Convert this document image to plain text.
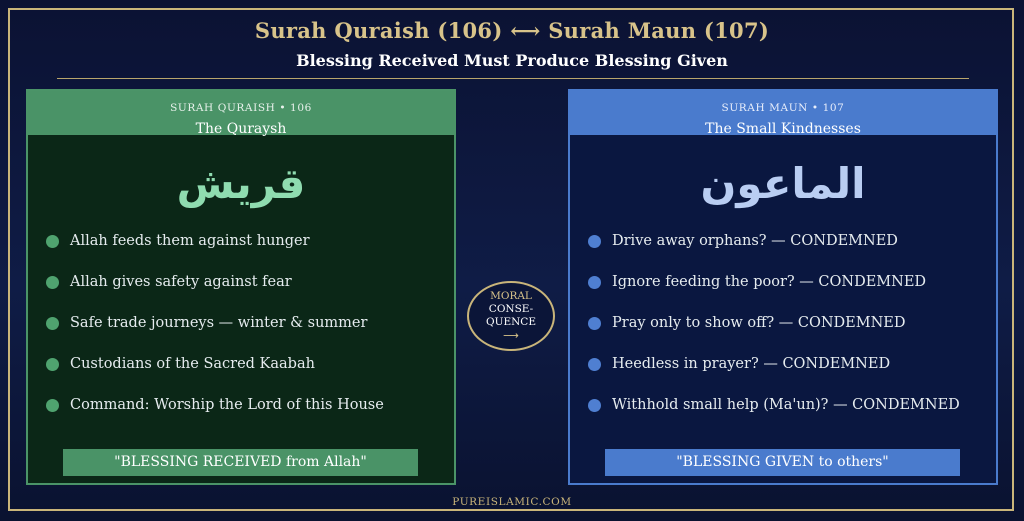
Surah Quraish (106) ⟷ Surah Maun (107)
Blessing Received Must Produce Blessing Given
SURAH QURAISH • 106
The Quraysh
قريش
Allah feeds them against hunger
Allah gives safety against fear
Safe trade journeys — winter & summer
Custodians of the Sacred Kaabah
Command: Worship the Lord of this House
"BLESSING RECEIVED from Allah"
MORAL
CONSE-
QUENCE
⟶
SURAH MAUN • 107
The Small Kindnesses
الماعون
Drive away orphans? — CONDEMNED
Ignore feeding the poor? — CONDEMNED
Pray only to show off? — CONDEMNED
Heedless in prayer? — CONDEMNED
Withhold small help (Ma'un)? — CONDEMNED
"BLESSING GIVEN to others"
PUREISLAMIC.COM
